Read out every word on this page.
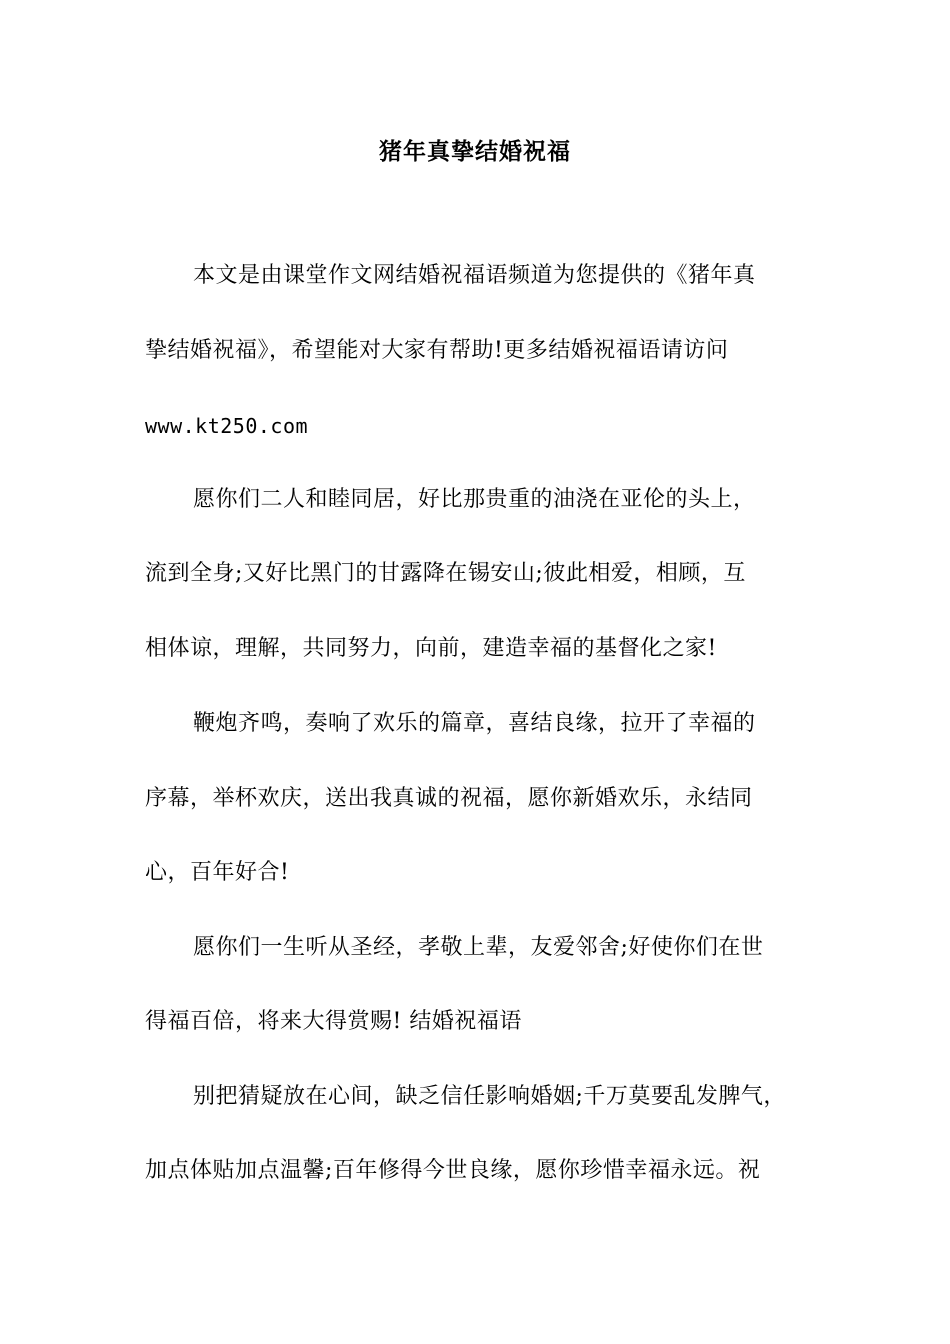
猪年真挚结婚祝福
本文是由课堂作文网结婚祝福语频道为您提供的《猪年真
挚结婚祝福》，希望能对大家有帮助!更多结婚祝福语请访问
www.kt250.com
愿你们二人和睦同居，好比那贵重的油浇在亚伦的头上，
流到全身;又好比黑门的甘露降在锡安山;彼此相爱，相顾，互
相体谅，理解，共同努力，向前，建造幸福的基督化之家!
鞭炮齐鸣，奏响了欢乐的篇章，喜结良缘，拉开了幸福的
序幕，举杯欢庆，送出我真诚的祝福，愿你新婚欢乐，永结同
心，百年好合!
愿你们一生听从圣经，孝敬上辈，友爱邻舍;好使你们在世
得福百倍，将来大得赏赐! 结婚祝福语
别把猜疑放在心间，缺乏信任影响婚姻;千万莫要乱发脾气，
加点体贴加点温馨;百年修得今世良缘，愿你珍惜幸福永远。祝
